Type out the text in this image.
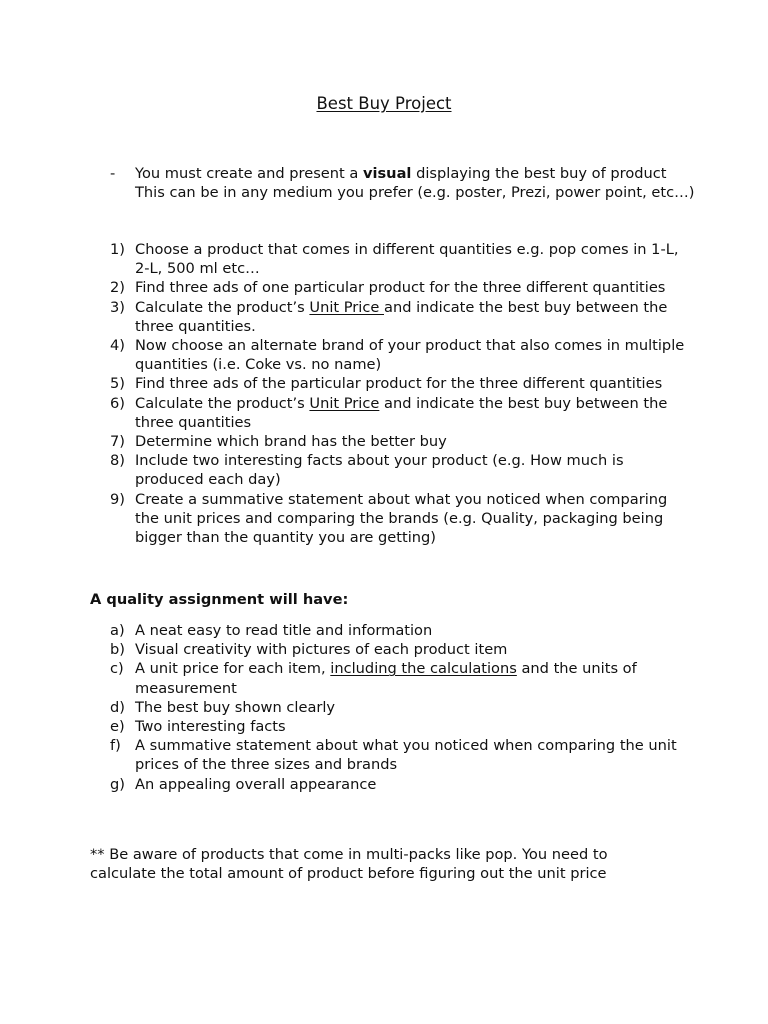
Best Buy Project
- You must create and present a visual displaying the best buy of product This can be in any medium you prefer (e.g. poster, Prezi, power point, etc…)
1) Choose a product that comes in different quantities e.g. pop comes in 1-L, 2-L, 500 ml etc…
2) Find three ads of one particular product for the three different quantities
3) Calculate the product’s Unit Price and indicate the best buy between the three quantities.
4) Now choose an alternate brand of your product that also comes in multiple quantities (i.e. Coke vs. no name)
5) Find three ads of the particular product for the three different quantities
6) Calculate the product’s Unit Price and indicate the best buy between the three quantities
7) Determine which brand has the better buy
8) Include two interesting facts about your product (e.g. How much is produced each day)
9) Create a summative statement about what you noticed when comparing the unit prices and comparing the brands (e.g. Quality, packaging being bigger than the quantity you are getting)
A quality assignment will have:
a) A neat easy to read title and information
b) Visual creativity with pictures of each product item
c) A unit price for each item, including the calculations and the units of measurement
d) The best buy shown clearly
e) Two interesting facts
f) A summative statement about what you noticed when comparing the unit prices of the three sizes and brands
g) An appealing overall appearance
** Be aware of products that come in multi-packs like pop. You need to calculate the total amount of product before figuring out the unit price
